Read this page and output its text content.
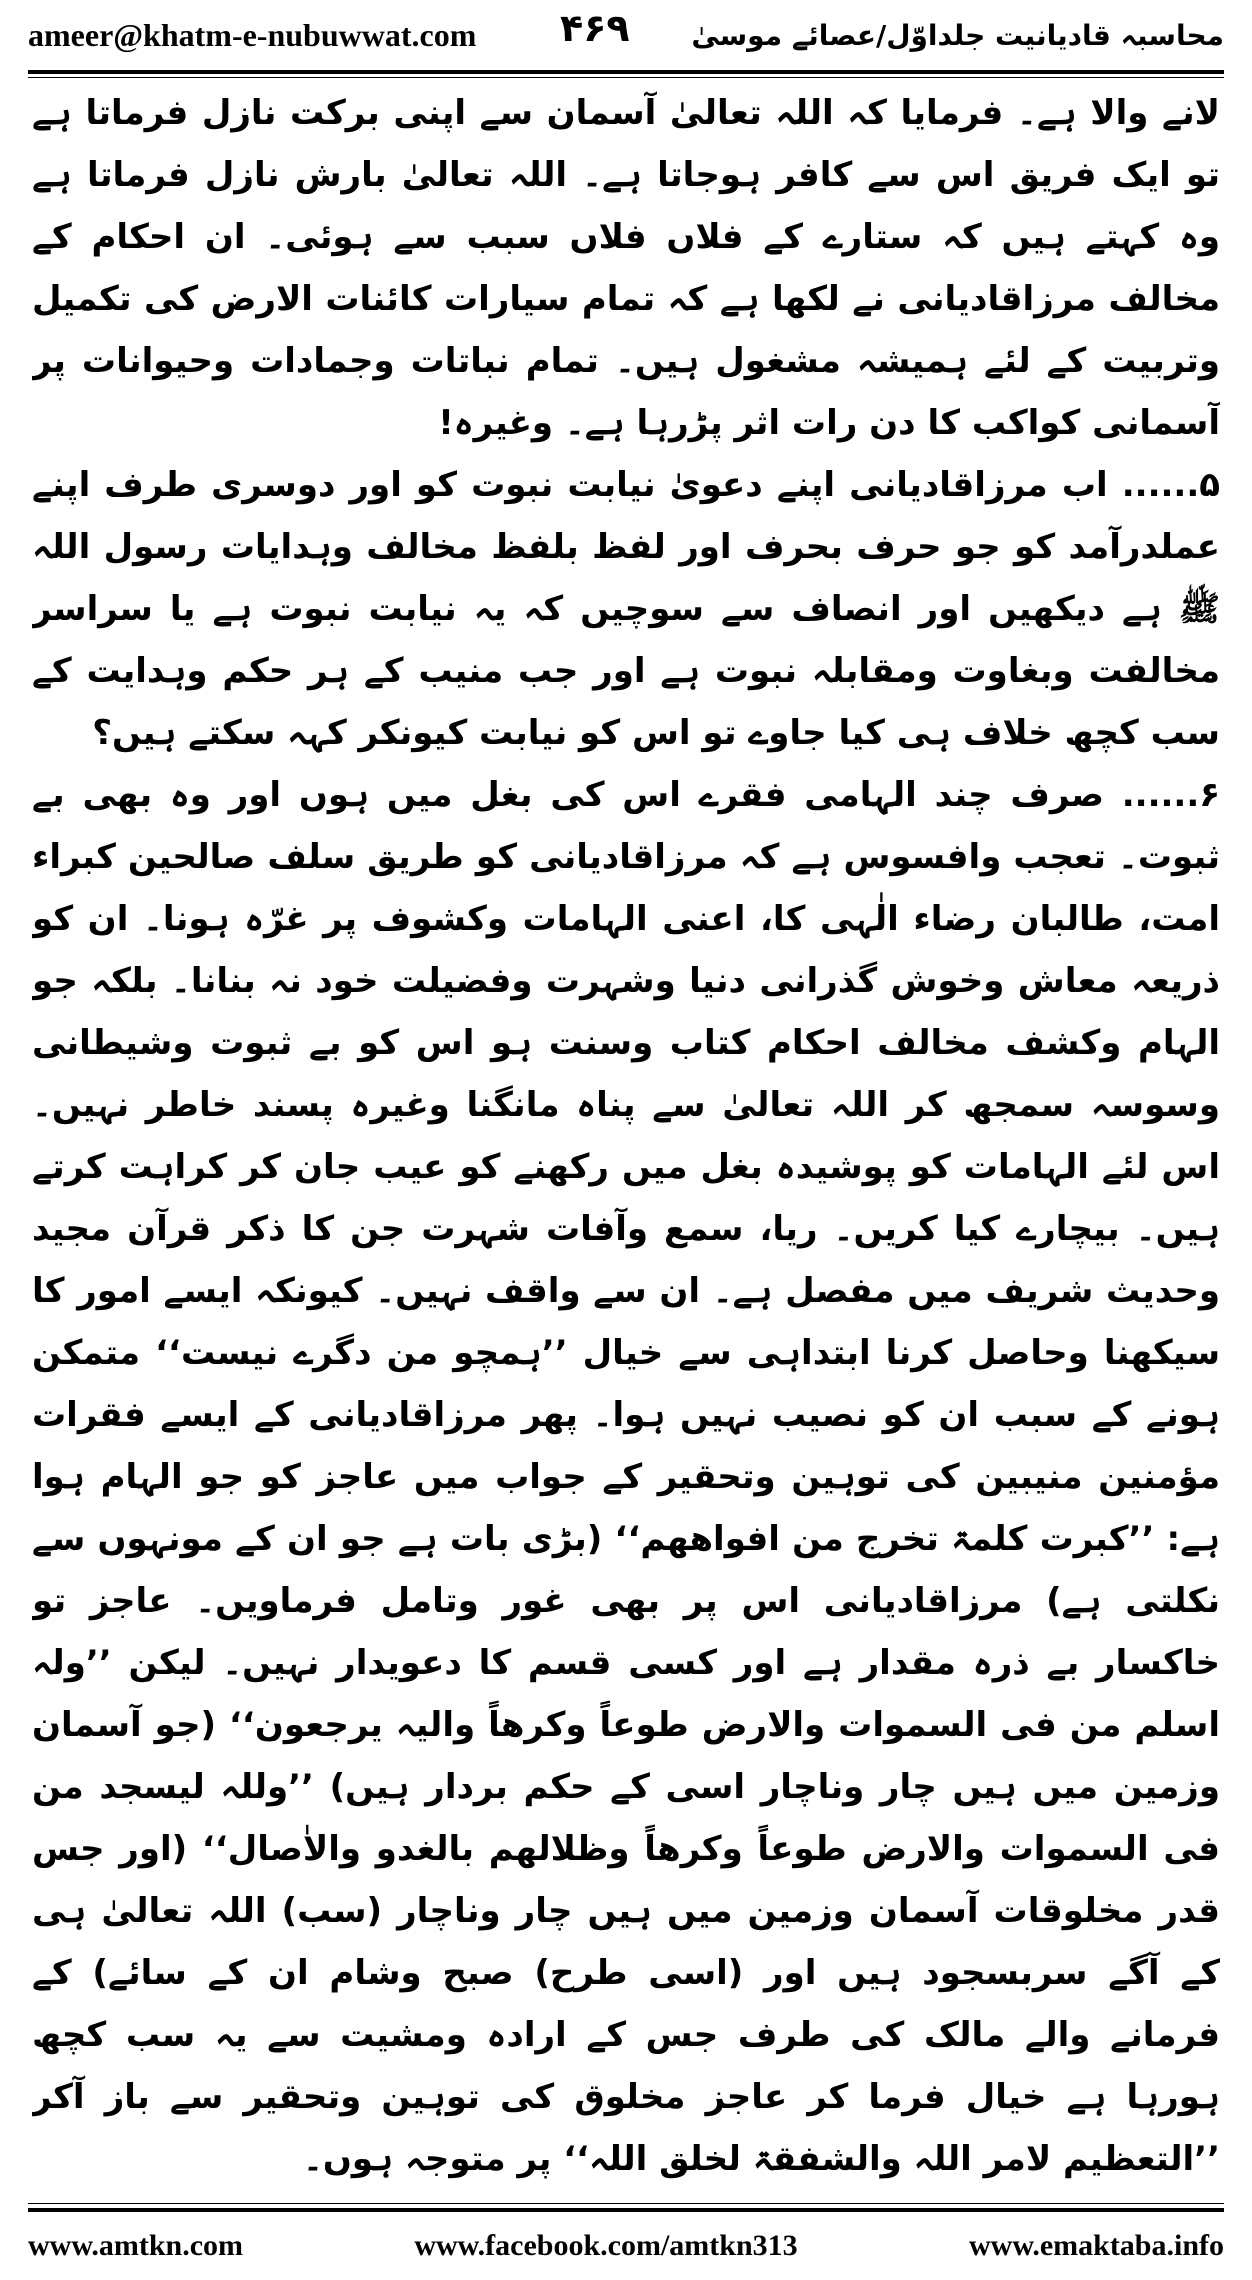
ameer@khatm-e-nubuwwat.com	محاسبہ قادیانیت جلداوّل/عصائے موسیٰ
۴۶۹

لانے والا ہے۔ فرمایا کہ اللہ تعالیٰ آسمان سے اپنی برکت نازل فرماتا ہے تو ایک فریق اس سے کافر ہوجاتا ہے۔ اللہ تعالیٰ بارش نازل فرماتا ہے وہ کہتے ہیں کہ ستارے کے فلاں فلاں سبب سے ہوئی۔ ان احکام کے مخالف مرزاقادیانی نے لکھا ہے کہ تمام سیارات کائنات الارض کی تکمیل وتربیت کے لئے ہمیشہ مشغول ہیں۔ تمام نباتات وجمادات وحیوانات پر آسمانی کواکب کا دن رات اثر پڑرہا ہے۔ وغیرہ!

۵...... اب مرزاقادیانی اپنے دعویٰ نیابت نبوت کو اور دوسری طرف اپنے عملدرآمد کو جو حرف بحرف اور لفظ بلفظ مخالف وہدایات رسول اللہ ﷺ ہے دیکھیں اور انصاف سے سوچیں کہ یہ نیابت نبوت ہے یا سراسر مخالفت وبغاوت ومقابلہ نبوت ہے اور جب منیب کے ہر حکم وہدایت کے سب کچھ خلاف ہی کیا جاوے تو اس کو نیابت کیونکر کہہ سکتے ہیں؟

۶...... صرف چند الہامی فقرے اس کی بغل میں ہوں اور وہ بھی بے ثبوت۔ تعجب وافسوس ہے کہ مرزاقادیانی کو طریق سلف صالحین کبراء امت، طالبان رضاء الٰہی کا، اعنی الہامات وکشوف پر غرّہ ہونا۔ ان کو ذریعہ معاش وخوش گذرانی دنیا وشہرت وفضیلت خود نہ بنانا۔ بلکہ جو الہام وکشف مخالف احکام کتاب وسنت ہو اس کو بے ثبوت وشیطانی وسوسہ سمجھ کر اللہ تعالیٰ سے پناہ مانگنا وغیرہ پسند خاطر نہیں۔ اس لئے الہامات کو پوشیدہ بغل میں رکھنے کو عیب جان کر کراہت کرتے ہیں۔ بیچارے کیا کریں۔ ریا، سمع وآفات شہرت جن کا ذکر قرآن مجید وحدیث شریف میں مفصل ہے۔ ان سے واقف نہیں۔ کیونکہ ایسے امور کا سیکھنا وحاصل کرنا ابتداہی سے خیال ’’ہمچو من دگرے نیست‘‘ متمکن ہونے کے سبب ان کو نصیب نہیں ہوا۔ پھر مرزاقادیانی کے ایسے فقرات مؤمنین منیبین کی توہین وتحقیر کے جواب میں عاجز کو جو الہام ہوا ہے: ’’کبرت کلمۃ تخرج من افواھھم‘‘ (بڑی بات ہے جو ان کے مونہوں سے نکلتی ہے) مرزاقادیانی اس پر بھی غور وتامل فرماویں۔ عاجز تو خاکسار بے ذرہ مقدار ہے اور کسی قسم کا دعویدار نہیں۔ لیکن ’’ولہ اسلم من فی السموات والارض طوعاً وکرھاً والیہ یرجعون‘‘ (جو آسمان وزمین میں ہیں چار وناچار اسی کے حکم بردار ہیں) ’’وللہ لیسجد من فی السموات والارض طوعاً وکرھاً وظلالھم بالغدو والاٰصال‘‘ (اور جس قدر مخلوقات آسمان وزمین میں ہیں چار وناچار (سب) اللہ تعالیٰ ہی کے آگے سربسجود ہیں اور (اسی طرح) صبح وشام ان کے سائے) کے فرمانے والے مالک کی طرف جس کے ارادہ ومشیت سے یہ سب کچھ ہورہا ہے خیال فرما کر عاجز مخلوق کی توہین وتحقیر سے باز آکر ’’التعظیم لامر اللہ والشفقۃ لخلق اللہ‘‘ پر متوجہ ہوں۔

www.amtkn.com	www.facebook.com/amtkn313	www.emaktaba.info
